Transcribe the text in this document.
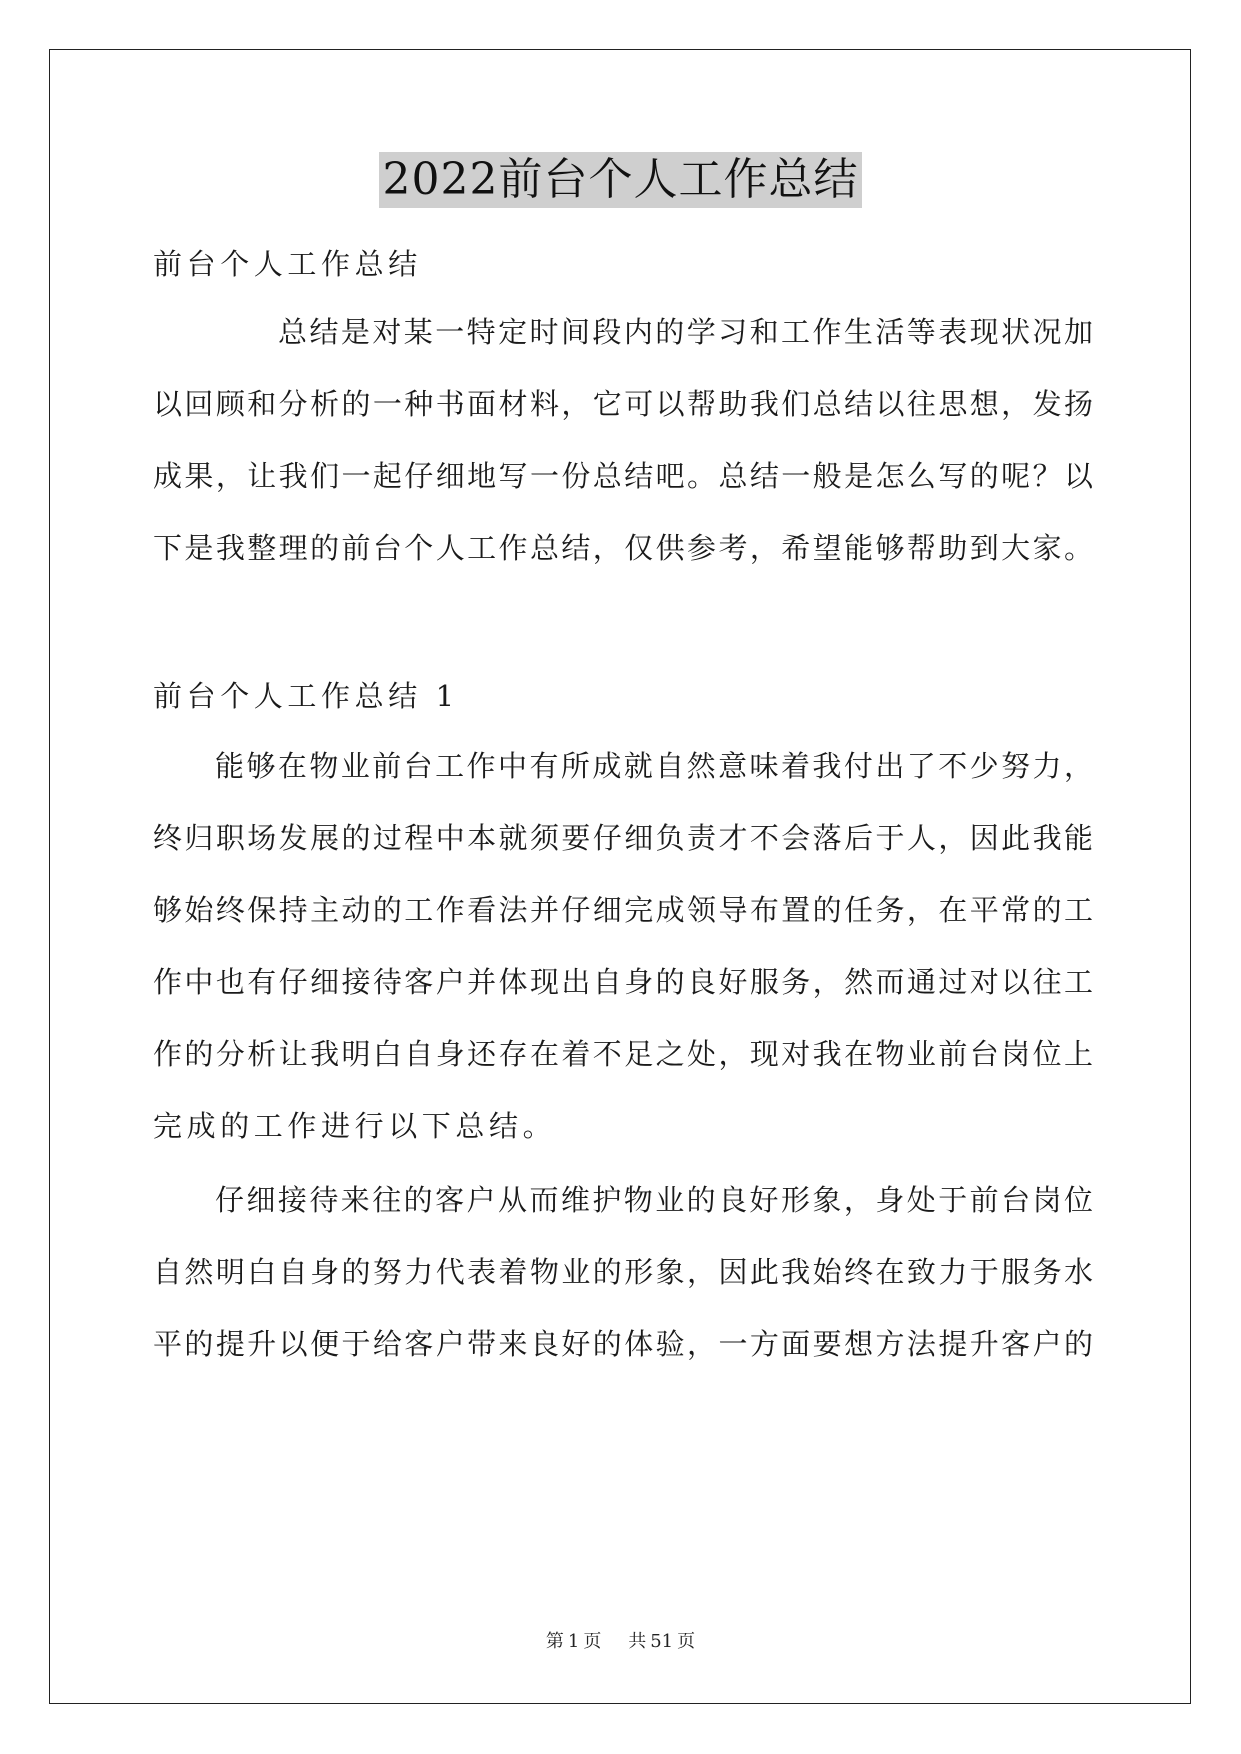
2022前台个人工作总结
前台个人工作总结
总结是对某一特定时间段内的学习和工作生活等表现状况加
以回顾和分析的一种书面材料，它可以帮助我们总结以往思想，发扬
成果，让我们一起仔细地写一份总结吧。总结一般是怎么写的呢？以
下是我整理的前台个人工作总结，仅供参考，希望能够帮助到大家。
前台个人工作总结 1
能够在物业前台工作中有所成就自然意味着我付出了不少努力，
终归职场发展的过程中本就须要仔细负责才不会落后于人，因此我能
够始终保持主动的工作看法并仔细完成领导布置的任务，在平常的工
作中也有仔细接待客户并体现出自身的良好服务，然而通过对以往工
作的分析让我明白自身还存在着不足之处，现对我在物业前台岗位上
完成的工作进行以下总结。
仔细接待来往的客户从而维护物业的良好形象，身处于前台岗位
自然明白自身的努力代表着物业的形象，因此我始终在致力于服务水
平的提升以便于给客户带来良好的体验，一方面要想方法提升客户的
第 1 页 共 51 页
